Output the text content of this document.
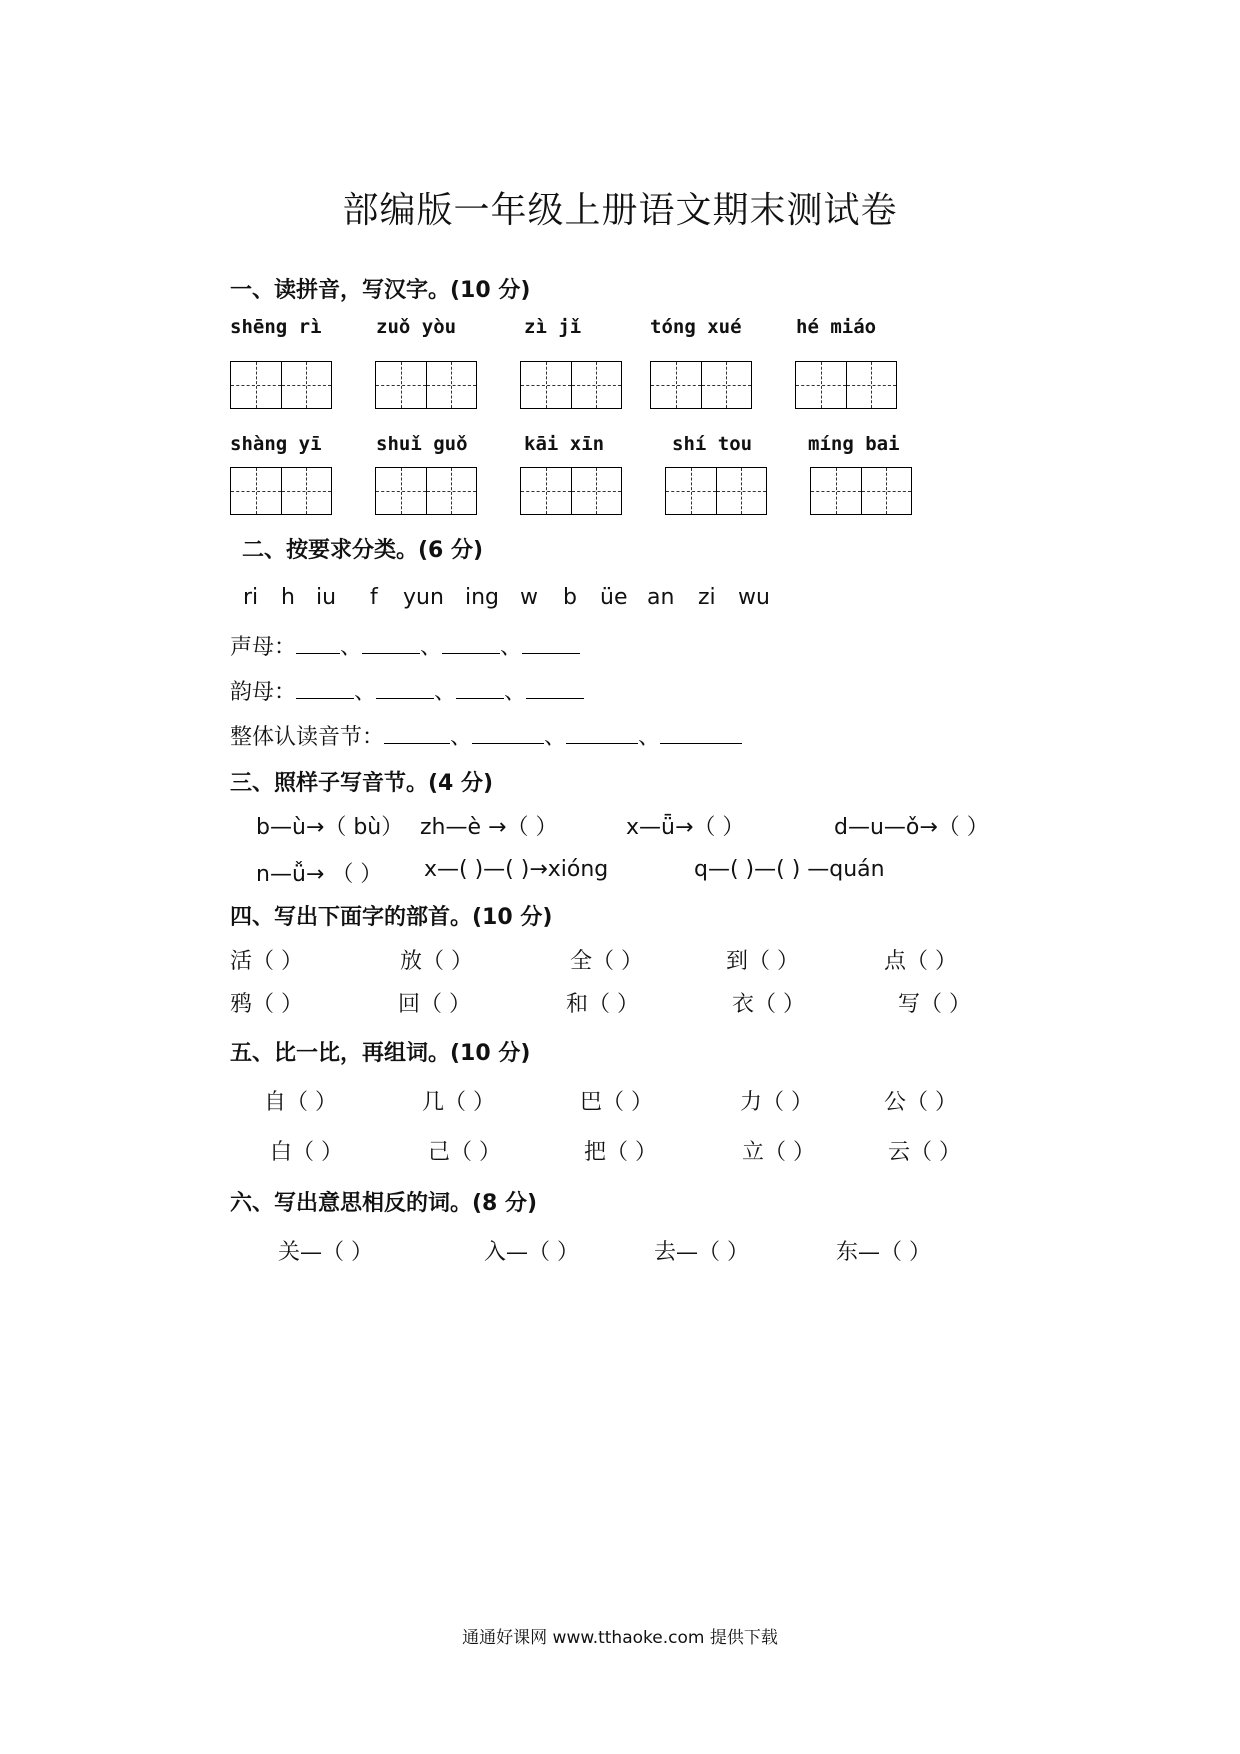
部编版一年级上册语文期末测试卷
一、读拼音，写汉字。(10 分)
shēng rì	zuǒ yòu	zì jǐ	tóng xué	hé miáo
shàng yī	shuǐ guǒ	kāi xīn	shí tou	míng bai
二、按要求分类。(6 分)
ri h iu f yun ing w b üe an zi wu
声母： 、	、	、
韵母：	、	、 、
整体认读音节：	、	、	、
三、照样子写音节。(4 分)
b—ù→（ bù） zh—è →（ ）	x—ǖ→（ ）	d—u—ǒ→（ ）
n—ǚ→ （ ） x—( )—( )→xióng	q—( )—( ) —quán
四、写出下面字的部首。(10 分)
活（ ）	放（ ）	全（ ）	到（ ）	点（ ）
鸦（ ）	回（ ）	和（ ）	衣（ ）	写（ ）
五、比一比，再组词。(10 分)
自（ ）	几（ ）	巴（ ）	力（ ）	公（ ）
白（ ）	己（ ）	把（ ）	立（ ）	云（ ）
六、写出意思相反的词。(8 分)
关—（ ）	入—（ ）	去—（ ）	东—（ ）
通通好课网 www.tthaoke.com 提供下载
